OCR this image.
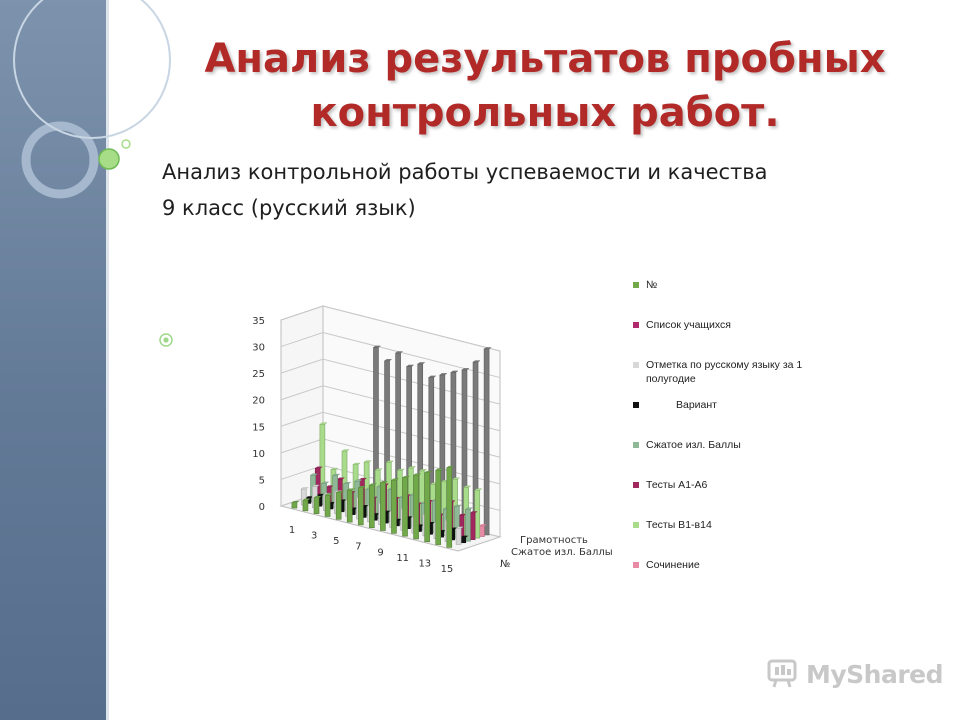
Анализ результатов пробных контрольных работ.
Анализ контрольной работы успеваемости и качества
9 класс (русский язык)
0
5
10
15
20
25
30
35
1
3
5
7
9
11
13
15
Грамотность
Сжатое изл. Баллы
№
№
Список учащихся
Отметка по русскому языку за 1 полугодие
Вариант
Сжатое изл. Баллы
Тесты А1-А6
Тесты В1-в14
Сочинение
MyShared
